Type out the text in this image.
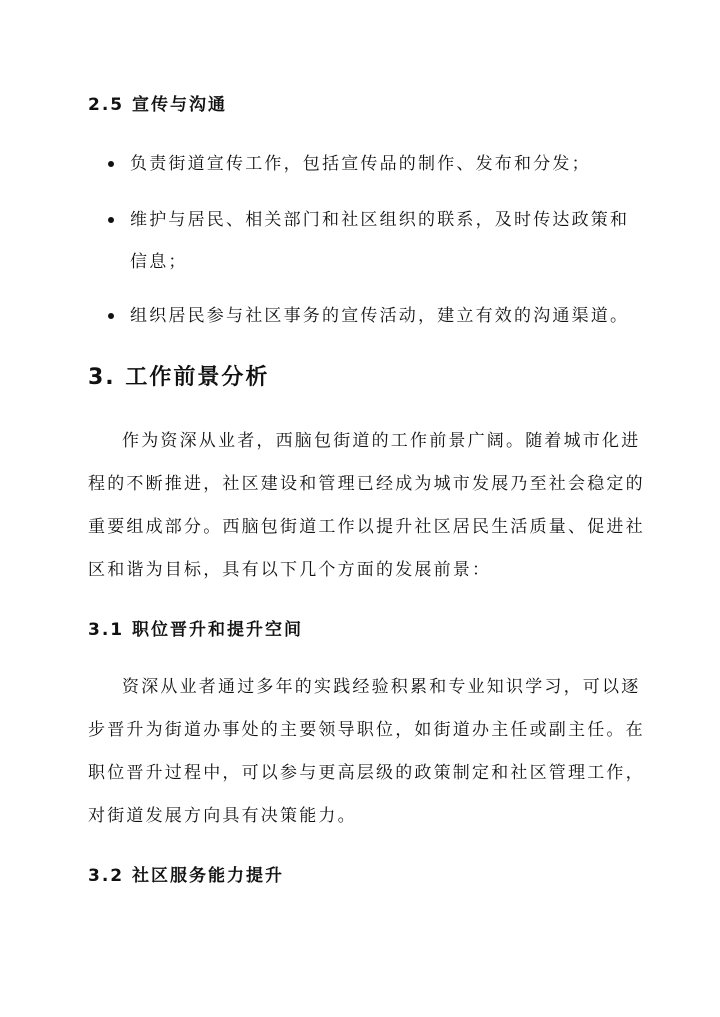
2.5 宣传与沟通
负责街道宣传工作，包括宣传品的制作、发布和分发；
维护与居民、相关部门和社区组织的联系，及时传达政策和
信息；
组织居民参与社区事务的宣传活动，建立有效的沟通渠道。
3. 工作前景分析
作为资深从业者，西脑包街道的工作前景广阔。随着城市化进
程的不断推进，社区建设和管理已经成为城市发展乃至社会稳定的
重要组成部分。西脑包街道工作以提升社区居民生活质量、促进社
区和谐为目标，具有以下几个方面的发展前景：
3.1 职位晋升和提升空间
资深从业者通过多年的实践经验积累和专业知识学习，可以逐
步晋升为街道办事处的主要领导职位，如街道办主任或副主任。在
职位晋升过程中，可以参与更高层级的政策制定和社区管理工作，
对街道发展方向具有决策能力。
3.2 社区服务能力提升
